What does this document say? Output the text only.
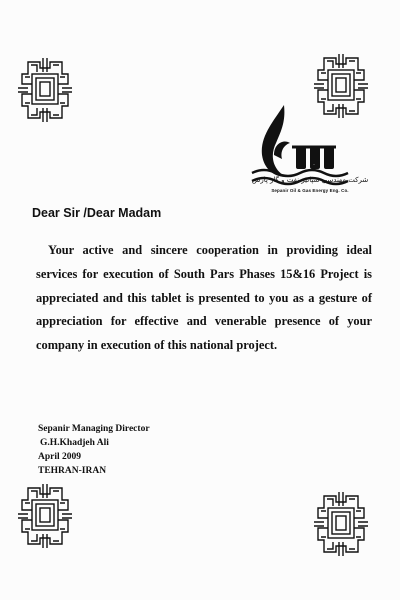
SNI
شرکت مهندسی سپانیر نفت و گاز پارس
Sepanir Oil & Gas Energy Eng. Co.
Dear Sir /Dear Madam
Your active and sincere cooperation in providing ideal services for execution of South Pars Phases 15&16 Project is appreciated and this tablet is presented to you as a gesture of appreciation for effective and venerable presence of your company in execution of this national project.
Sepanir Managing Director
G.H.Khadjeh Ali
April 2009
TEHRAN-IRAN
